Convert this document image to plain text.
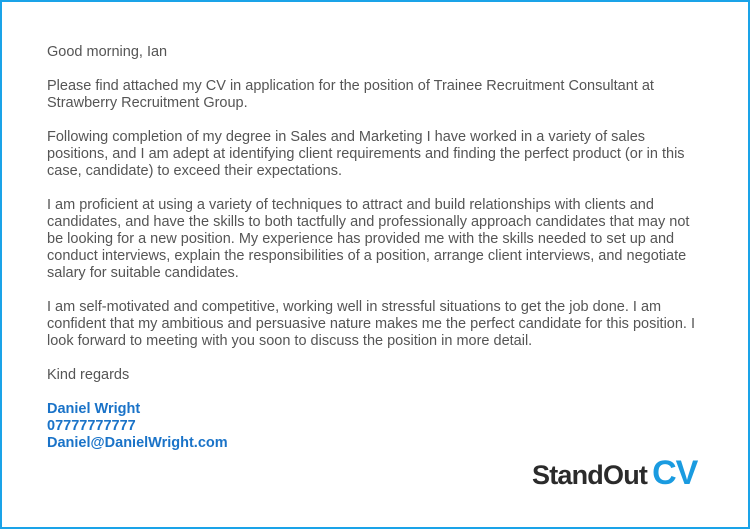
Good morning, Ian

Please find attached my CV in application for the position of Trainee Recruitment Consultant at Strawberry Recruitment Group.

Following completion of my degree in Sales and Marketing I have worked in a variety of sales positions, and I am adept at identifying client requirements and finding the perfect product (or in this case, candidate) to exceed their expectations.

I am proficient at using a variety of techniques to attract and build relationships with clients and candidates, and have the skills to both tactfully and professionally approach candidates that may not be looking for a new position. My experience has provided me with the skills needed to set up and conduct interviews, explain the responsibilities of a position, arrange client interviews, and negotiate salary for suitable candidates.

I am self-motivated and competitive, working well in stressful situations to get the job done. I am confident that my ambitious and persuasive nature makes me the perfect candidate for this position. I look forward to meeting with you soon to discuss the position in more detail.

Kind regards

Daniel Wright
07777777777
Daniel@DanielWright.com
StandOut CV
